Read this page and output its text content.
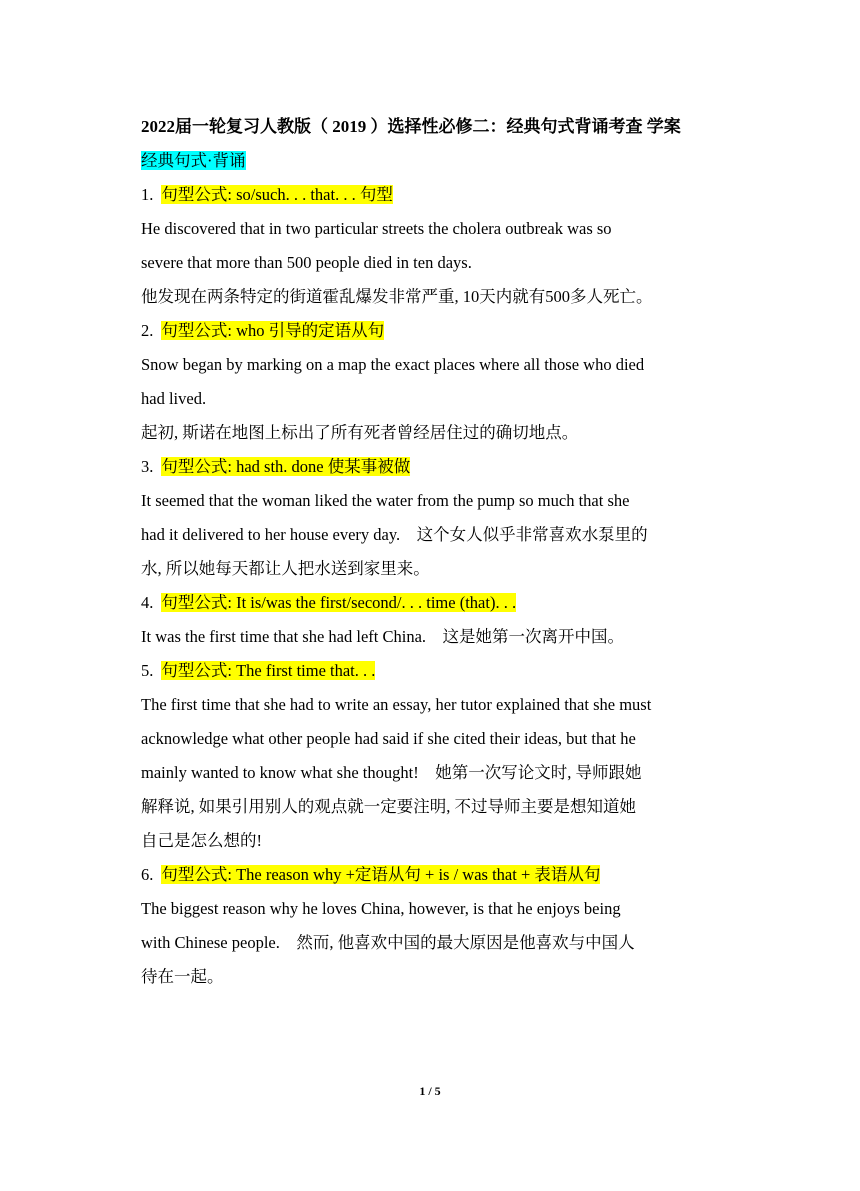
2022届一轮复习人教版（ 2019 ）选择性必修二：经典句式背诵考查 学案

经典句式·背诵

1. 句型公式: so/such. . . that. . . 句型

He discovered that in two particular streets the cholera outbreak was so

severe that more than 500 people died in ten days.

他发现在两条特定的街道霍乱爆发非常严重, 10天内就有500多人死亡。

2. 句型公式: who 引导的定语从句

Snow began by marking on a map the exact places where all those who died

had lived.

起初, 斯诺在地图上标出了所有死者曾经居住过的确切地点。

3. 句型公式: had sth. done 使某事被做

It seemed that the woman liked the water from the pump so much that she

had it delivered to her house every day.　这个女人似乎非常喜欢水泵里的

水, 所以她每天都让人把水送到家里来。

4. 句型公式: It is/was the first/second/. . . time (that). . .

It was the first time that she had left China.　这是她第一次离开中国。

5. 句型公式: The first time that. . .

The first time that she had to write an essay, her tutor explained that she must

acknowledge what other people had said if she cited their ideas, but that he

mainly wanted to know what she thought!　她第一次写论文时, 导师跟她

解释说, 如果引用别人的观点就一定要注明, 不过导师主要是想知道她

自己是怎么想的!

6. 句型公式: The reason why +定语从句 + is / was that + 表语从句

The biggest reason why he loves China, however, is that he enjoys being

with Chinese people.　然而, 他喜欢中国的最大原因是他喜欢与中国人

待在一起。

1 / 5
